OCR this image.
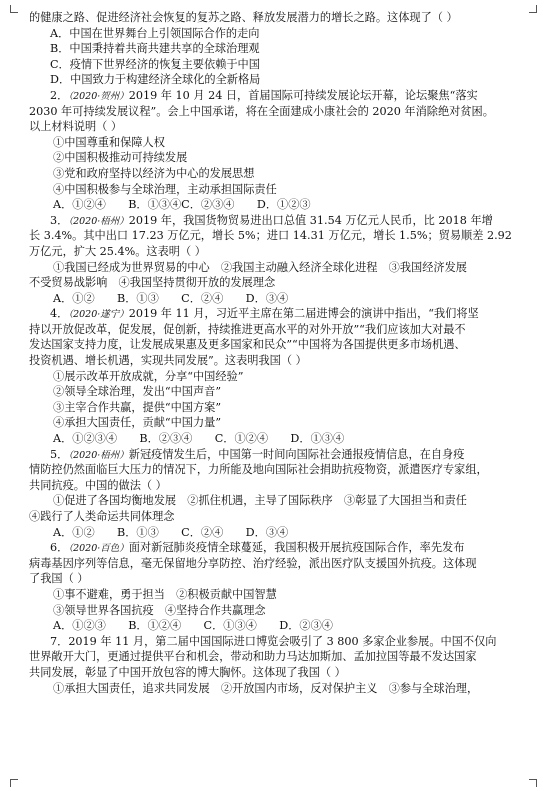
的健康之路、促进经济社会恢复的复苏之路、释放发展潜力的增长之路。这体现了（ ）
A．中国在世界舞台上引领国际合作的走向
B．中国秉持着共商共建共享的全球治理观
C．疫情下世界经济的恢复主要依赖于中国
D．中国致力于构建经济全球化的全新格局
2．（2020·贺州）2019 年 10 月 24 日，首届国际可持续发展论坛开幕，论坛聚焦“落实
2030 年可持续发展议程”。会上中国承诺，将在全面建成小康社会的 2020 年消除绝对贫困。
以上材料说明（ ）
①中国尊重和保障人权
②中国积极推动可持续发展
③党和政府坚持以经济为中心的发展思想
④中国积极参与全球治理，主动承担国际责任
A．①②④　　B．①③④C．②③④　　D．①②③
3．（2020·梧州）2019 年，我国货物贸易进出口总值 31.54 万亿元人民币，比 2018 年增
长 3.4%。其中出口 17.23 万亿元，增长 5%；进口 14.31 万亿元，增长 1.5%；贸易顺差 2.92
万亿元，扩大 25.4%。这表明（ ）
①我国已经成为世界贸易的中心　②我国主动融入经济全球化进程　③我国经济发展
不受贸易战影响　④我国坚持贯彻开放的发展理念
A．①②　　B．①③　　C．②④　　D．③④
4．（2020·遂宁）2019 年 11 月，习近平主席在第二届进博会的演讲中指出，“我们将坚
持以开放促改革，促发展，促创新，持续推进更高水平的对外开放”“我们应该加大对最不
发达国家支持力度，让发展成果惠及更多国家和民众”“中国将为各国提供更多市场机遇、
投资机遇、增长机遇，实现共同发展”。这表明我国（ ）
①展示改革开放成就，分享“中国经验”
②领导全球治理，发出“中国声音”
③主宰合作共赢，提供“中国方案”
④承担大国责任，贡献“中国力量”
A．①②③④　　B．②③④　　C．①②④　　D．①③④
5．（2020·梧州）新冠疫情发生后，中国第一时间向国际社会通报疫情信息，在自身疫
情防控仍然面临巨大压力的情况下，力所能及地向国际社会捐助抗疫物资，派遣医疗专家组，
共同抗疫。中国的做法（ ）
①促进了各国均衡地发展　②抓住机遇，主导了国际秩序　③彰显了大国担当和责任
④践行了人类命运共同体理念
A．①②　　B．①③　　C．②④　　D．③④
6．（2020·百色）面对新冠肺炎疫情全球蔓延，我国积极开展抗疫国际合作，率先发布
病毒基因序列等信息，毫无保留地分享防控、治疗经验，派出医疗队支援国外抗疫。这体现
了我国（ ）
①事不避难，勇于担当　②积极贡献中国智慧
③领导世界各国抗疫　④坚持合作共赢理念
A．①②③　　B．①②④　　C．①③④　　D．②③④
7．2019 年 11 月，第二届中国国际进口博览会吸引了 3 800 多家企业参展。中国不仅向
世界敞开大门，更通过提供平台和机会，带动和助力马达加斯加、孟加拉国等最不发达国家
共同发展，彰显了中国开放包容的博大胸怀。这体现了我国（ ）
①承担大国责任，追求共同发展　②开放国内市场，反对保护主义　③参与全球治理，
